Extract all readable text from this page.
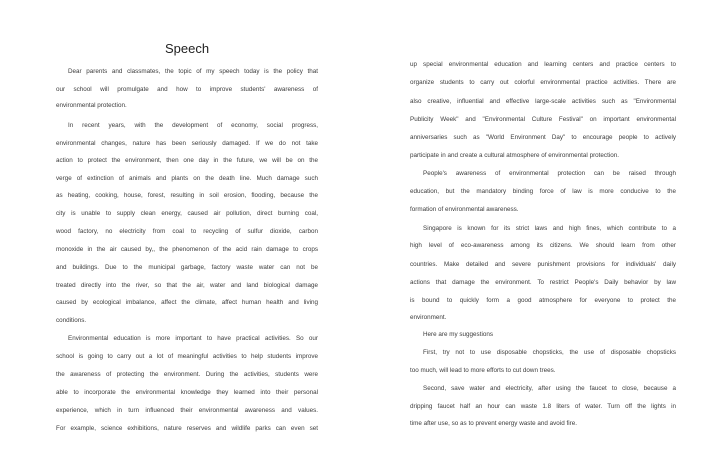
Speech
Dear parents and classmates, the topic of my speech today is the policy that
our school will promulgate and how to improve students' awareness of
environmental protection.
In recent years, with the development of economy, social progress,
environmental changes, nature has been seriously damaged. If we do not take
action to protect the environment, then one day in the future, we will be on the
verge of extinction of animals and plants on the death line. Much damage such
as heating, cooking, house, forest, resulting in soil erosion, flooding, because the
city is unable to supply clean energy, caused air pollution, direct burning coal,
wood factory, no electricity from coal to recycling of sulfur dioxide, carbon
monoxide in the air caused by,, the phenomenon of the acid rain damage to crops
and buildings. Due to the municipal garbage, factory waste water can not be
treated directly into the river, so that the air, water and land biological damage
caused by ecological imbalance, affect the climate, affect human health and living
conditions.
Environmental education is more important to have practical activities. So our
school is going to carry out a lot of meaningful activities to help students improve
the awareness of protecting the environment. During the activities, students were
able to incorporate the environmental knowledge they learned into their personal
experience, which in turn influenced their environmental awareness and values.
For example, science exhibitions, nature reserves and wildlife parks can even set
up special environmental education and learning centers and practice centers to
organize students to carry out colorful environmental practice activities. There are
also creative, influential and effective large-scale activities such as "Environmental
Publicity Week" and "Environmental Culture Festival" on important environmental
anniversaries such as "World Environment Day" to encourage people to actively
participate in and create a cultural atmosphere of environmental protection.
People's awareness of environmental protection can be raised through
education, but the mandatory binding force of law is more conducive to the
formation of environmental awareness.
Singapore is known for its strict laws and high fines, which contribute to a
high level of eco-awareness among its citizens. We should learn from other
countries. Make detailed and severe punishment provisions for individuals' daily
actions that damage the environment. To restrict People's Daily behavior by law
is bound to quickly form a good atmosphere for everyone to protect the
environment.
Here are my suggestions
First, try not to use disposable chopsticks, the use of disposable chopsticks
too much, will lead to more efforts to cut down trees.
Second, save water and electricity, after using the faucet to close, because a
dripping faucet half an hour can waste 1.8 liters of water. Turn off the lights in
time after use, so as to prevent energy waste and avoid fire.
